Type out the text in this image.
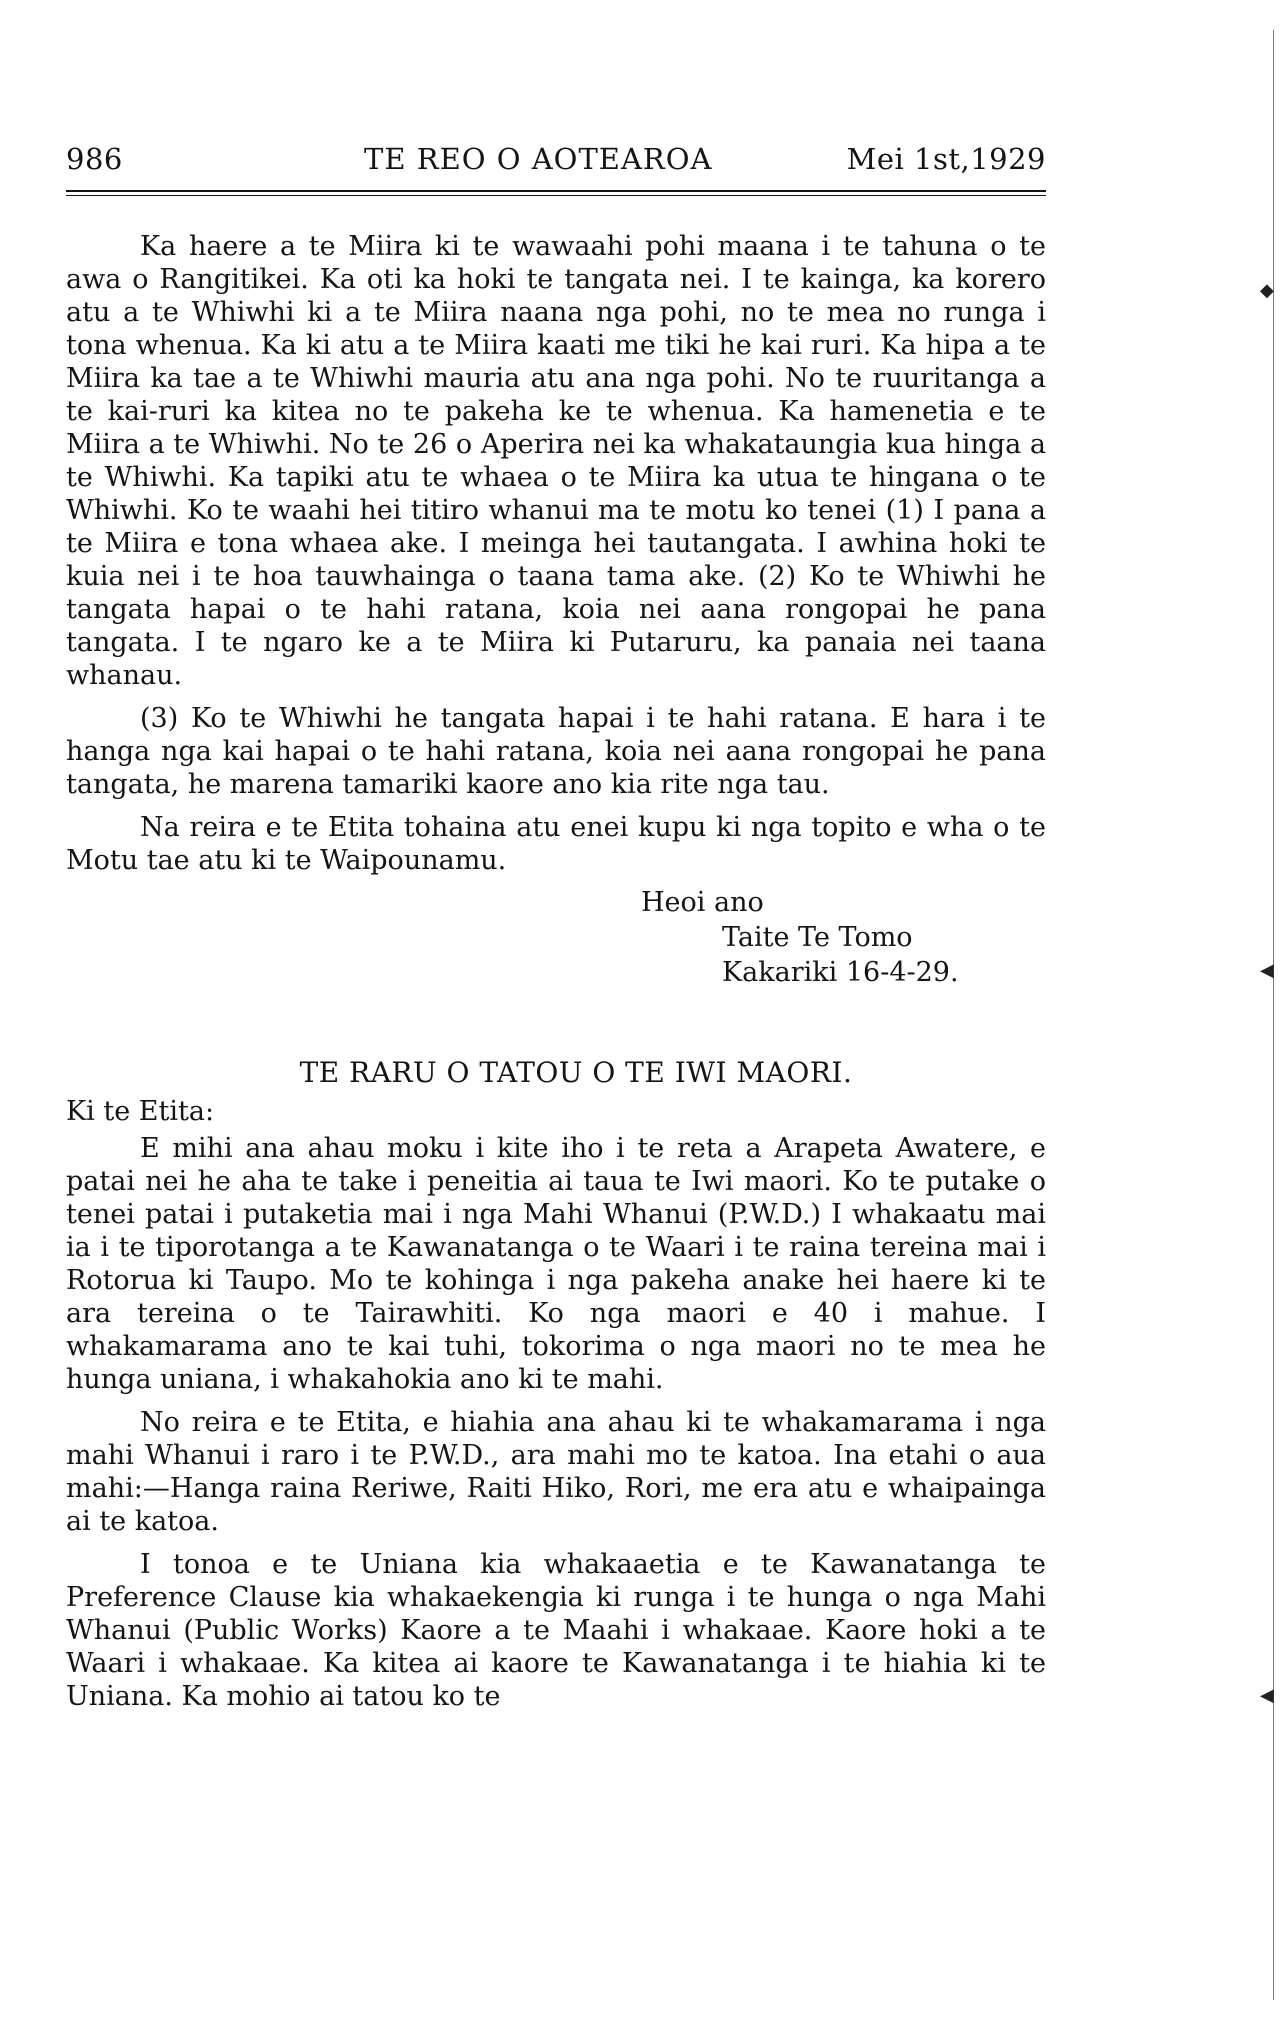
986	TE REO O AOTEAROA	Mei 1st,1929

Ka haere a te Miira ki te wawaahi pohi maana i te tahuna o te awa o Rangitikei. Ka oti ka hoki te tangata nei. I te kainga, ka korero atu a te Whiwhi ki a te Miira naana nga pohi, no te mea no runga i tona whenua. Ka ki atu a te Miira kaati me tiki he kai ruri. Ka hipa a te Miira ka tae a te Whiwhi mauria atu ana nga pohi. No te ruuritanga a te kai-ruri ka kitea no te pakeha ke te whenua. Ka hamenetia e te Miira a te Whiwhi. No te 26 o Aperira nei ka whakataungia kua hinga a te Whiwhi. Ka tapiki atu te whaea o te Miira ka utua te hingana o te Whiwhi. Ko te waahi hei titiro whanui ma te motu ko tenei (1) I pana a te Miira e tona whaea ake. I meinga hei tautangata. I awhina hoki te kuia nei i te hoa tauwhainga o taana tama ake. (2) Ko te Whiwhi he tangata hapai o te hahi ratana, koia nei aana rongopai he pana tangata. I te ngaro ke a te Miira ki Putaruru, ka panaia nei taana whanau.

(3) Ko te Whiwhi he tangata hapai i te hahi ratana. E hara i te hanga nga kai hapai o te hahi ratana, koia nei aana rongopai he pana tangata, he marena tamariki kaore ano kia rite nga tau.

Na reira e te Etita tohaina atu enei kupu ki nga topito e wha o te Motu tae atu ki te Waipounamu.

Heoi ano

Taite Te Tomo

Kakariki 16-4-29.

TE RARU O TATOU O TE IWI MAORI.

Ki te Etita:

E mihi ana ahau moku i kite iho i te reta a Arapeta Awatere, e patai nei he aha te take i peneitia ai taua te Iwi maori. Ko te putake o tenei patai i putaketia mai i nga Mahi Whanui (P.W.D.) I whakaatu mai ia i te tiporotanga a te Kawanatanga o te Waari i te raina tereina mai i Rotorua ki Taupo. Mo te kohinga i nga pakeha anake hei haere ki te ara tereina o te Tairawhiti. Ko nga maori e 40 i mahue. I whakamarama ano te kai tuhi, tokorima o nga maori no te mea he hunga uniana, i whakahokia ano ki te mahi.

No reira e te Etita, e hiahia ana ahau ki te whakamarama i nga mahi Whanui i raro i te P.W.D., ara mahi mo te katoa. Ina etahi o aua mahi:—Hanga raina Reriwe, Raiti Hiko, Rori, me era atu e whaipainga ai te katoa.

I tonoa e te Uniana kia whakaaetia e te Kawanatanga te Preference Clause kia whakaekengia ki runga i te hunga o nga Mahi Whanui (Public Works) Kaore a te Maahi i whakaae. Kaore hoki a te Waari i whakaae. Ka kitea ai kaore te Kawanatanga i te hiahia ki te Uniana. Ka mohio ai tatou ko te

◆
◀
◀
